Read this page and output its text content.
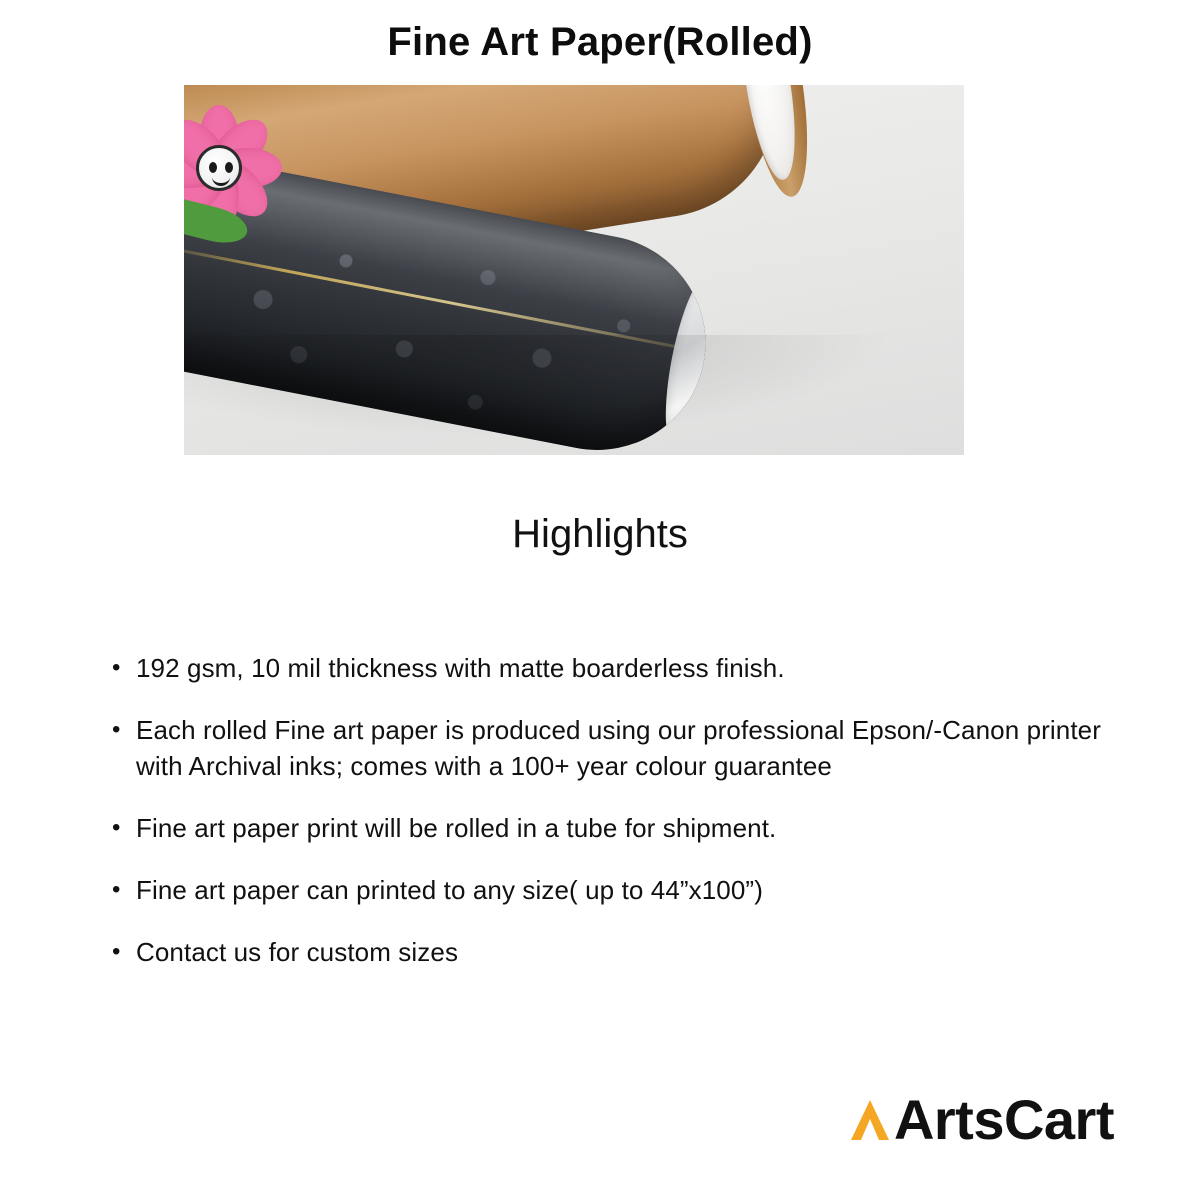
Fine Art Paper(Rolled)
Highlights
• 192 gsm, 10 mil thickness with matte boarderless finish.
• Each rolled Fine art paper is produced using our professional Epson/-Canon printer with Archival inks; comes with a 100+ year colour guarantee
• Fine art paper print will be rolled in a tube for shipment.
• Fine art paper can printed to any size( up to 44”x100”)
• Contact us for custom sizes
ArtsCart
